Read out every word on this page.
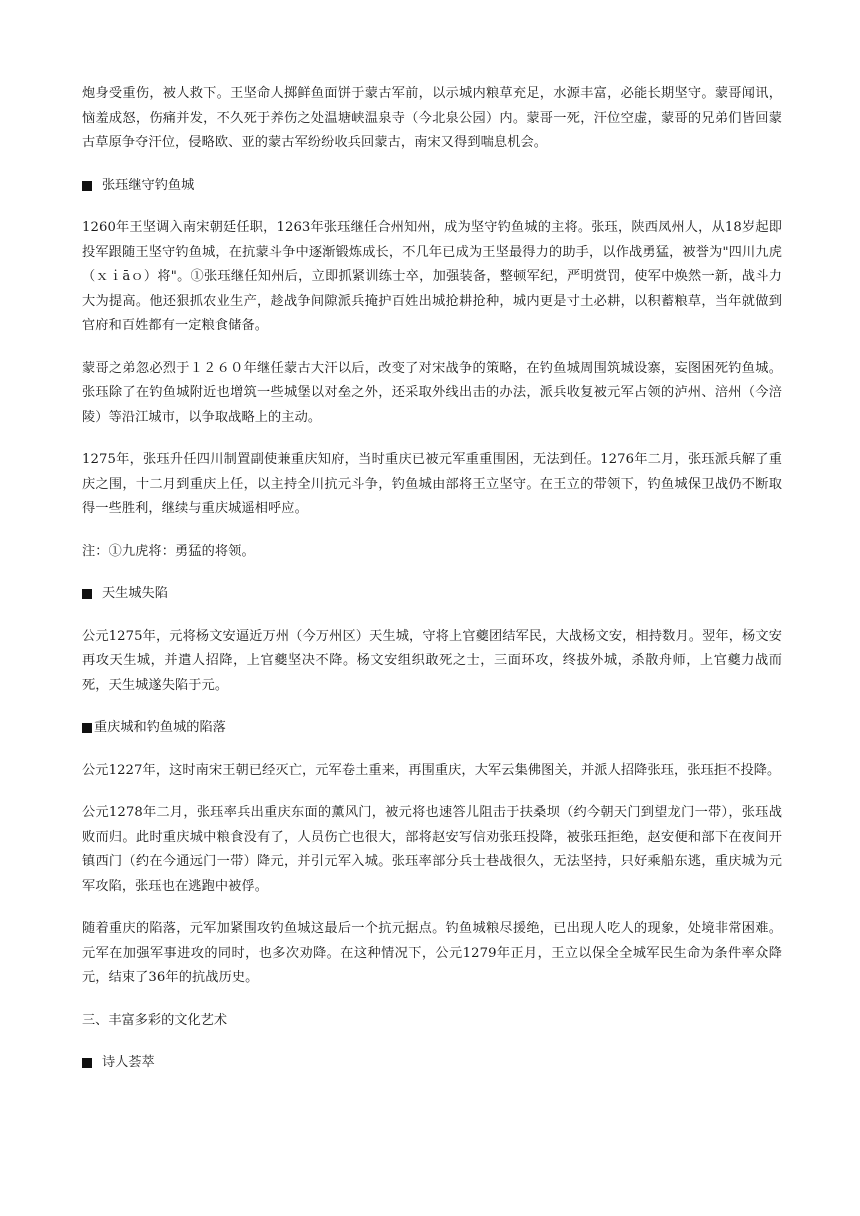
炮身受重伤，被人救下。王坚命人掷鲜鱼面饼于蒙古军前，以示城内粮草充足，水源丰富，必能长期坚守。蒙哥闻讯，恼羞成怒，伤痛并发，不久死于养伤之处温塘峡温泉寺（今北泉公园）内。蒙哥一死，汗位空虚，蒙哥的兄弟们皆回蒙古草原争夺汗位，侵略欧、亚的蒙古军纷纷收兵回蒙古，南宋又得到喘息机会。

张珏继守钓鱼城

1260年王坚调入南宋朝廷任职，1263年张珏继任合州知州，成为坚守钓鱼城的主将。张珏，陕西凤州人，从18岁起即投军跟随王坚守钓鱼城，在抗蒙斗争中逐渐锻炼成长，不几年已成为王坚最得力的助手，以作战勇猛，被誉为"四川九虎（ｘｉāｏ）将"。①张珏继任知州后，立即抓紧训练士卒，加强装备，整顿军纪，严明赏罚，使军中焕然一新，战斗力大为提高。他还狠抓农业生产，趁战争间隙派兵掩护百姓出城抢耕抢种，城内更是寸土必耕，以积蓄粮草，当年就做到官府和百姓都有一定粮食储备。

蒙哥之弟忽必烈于１２６０年继任蒙古大汗以后，改变了对宋战争的策略，在钓鱼城周围筑城设寨，妄图困死钓鱼城。张珏除了在钓鱼城附近也增筑一些城堡以对垒之外，还采取外线出击的办法，派兵收复被元军占领的泸州、涪州（今涪陵）等沿江城市，以争取战略上的主动。

1275年，张珏升任四川制置副使兼重庆知府，当时重庆已被元军重重围困，无法到任。1276年二月，张珏派兵解了重庆之围，十二月到重庆上任，以主持全川抗元斗争，钓鱼城由部将王立坚守。在王立的带领下，钓鱼城保卫战仍不断取得一些胜利，继续与重庆城遥相呼应。

注：①九虎将：勇猛的将领。

天生城失陷

公元1275年，元将杨文安逼近万州（今万州区）天生城，守将上官夔团结军民，大战杨文安，相持数月。翌年，杨文安再攻天生城，并遣人招降，上官夔坚决不降。杨文安组织敢死之士，三面环攻，终拔外城，杀散舟师，上官夔力战而死，天生城遂失陷于元。

重庆城和钓鱼城的陷落

公元1227年，这时南宋王朝已经灭亡，元军卷土重来，再围重庆，大军云集佛图关，并派人招降张珏，张珏拒不投降。

公元1278年二月，张珏率兵出重庆东面的薰风门，被元将也速答儿阻击于扶桑坝（约今朝天门到望龙门一带），张珏战败而归。此时重庆城中粮食没有了，人员伤亡也很大，部将赵安写信劝张珏投降，被张珏拒绝，赵安便和部下在夜间开镇西门（约在今通远门一带）降元，并引元军入城。张珏率部分兵士巷战很久，无法坚持，只好乘船东逃，重庆城为元军攻陷，张珏也在逃跑中被俘。

随着重庆的陷落，元军加紧围攻钓鱼城这最后一个抗元据点。钓鱼城粮尽援绝，已出现人吃人的现象，处境非常困难。元军在加强军事进攻的同时，也多次劝降。在这种情况下，公元1279年正月，王立以保全全城军民生命为条件率众降元，结束了36年的抗战历史。

三、丰富多彩的文化艺术
诗人荟萃
